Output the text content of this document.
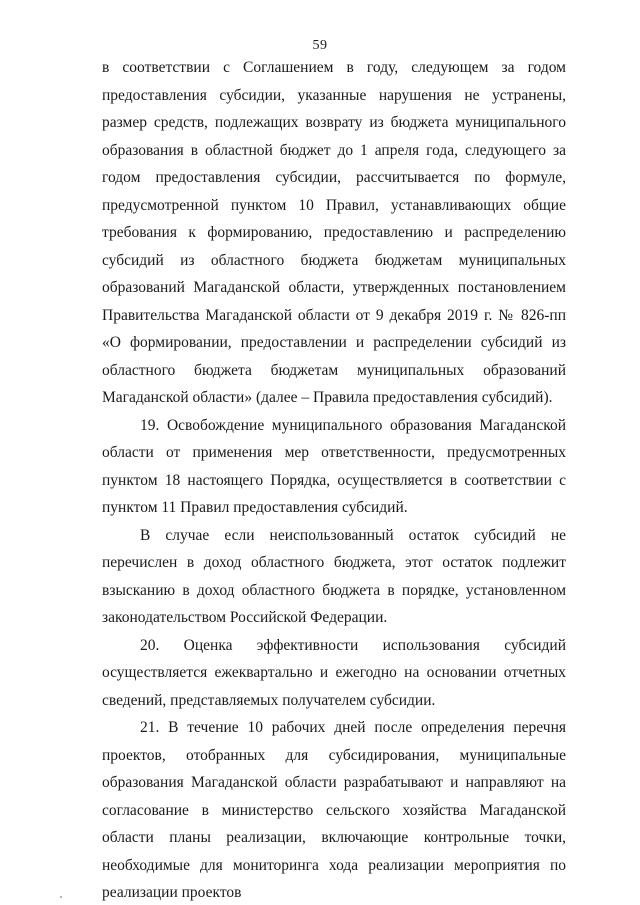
59

в соответствии с Соглашением в году, следующем за годом предоставления субсидии, указанные нарушения не устранены, размер средств, подлежащих возврату из бюджета муниципального образования в областной бюджет до 1 апреля года, следующего за годом предоставления субсидии, рассчитывается по формуле, предусмотренной пунктом 10 Правил, устанавливающих общие требования к формированию, предоставлению и распределению субсидий из областного бюджета бюджетам муниципальных образований Магаданской области, утвержденных постановлением Правительства Магаданской области от 9 декабря 2019 г. № 826-пп «О формировании, предоставлении и распределении субсидий из областного бюджета бюджетам муниципальных образований Магаданской области» (далее – Правила предоставления субсидий).

19. Освобождение муниципального образования Магаданской области от применения мер ответственности, предусмотренных пунктом 18 настоящего Порядка, осуществляется в соответствии с пунктом 11 Правил предоставления субсидий.

В случае если неиспользованный остаток субсидий не перечислен в доход областного бюджета, этот остаток подлежит взысканию в доход областного бюджета в порядке, установленном законодательством Российской Федерации.

20. Оценка эффективности использования субсидий осуществляется ежеквартально и ежегодно на основании отчетных сведений, представляемых получателем субсидии.

21. В течение 10 рабочих дней после определения перечня проектов, отобранных для субсидирования, муниципальные образования Магаданской области разрабатывают и направляют на согласование в министерство сельского хозяйства Магаданской области планы реализации, включающие контрольные точки, необходимые для мониторинга хода реализации мероприятия по реализации проектов
